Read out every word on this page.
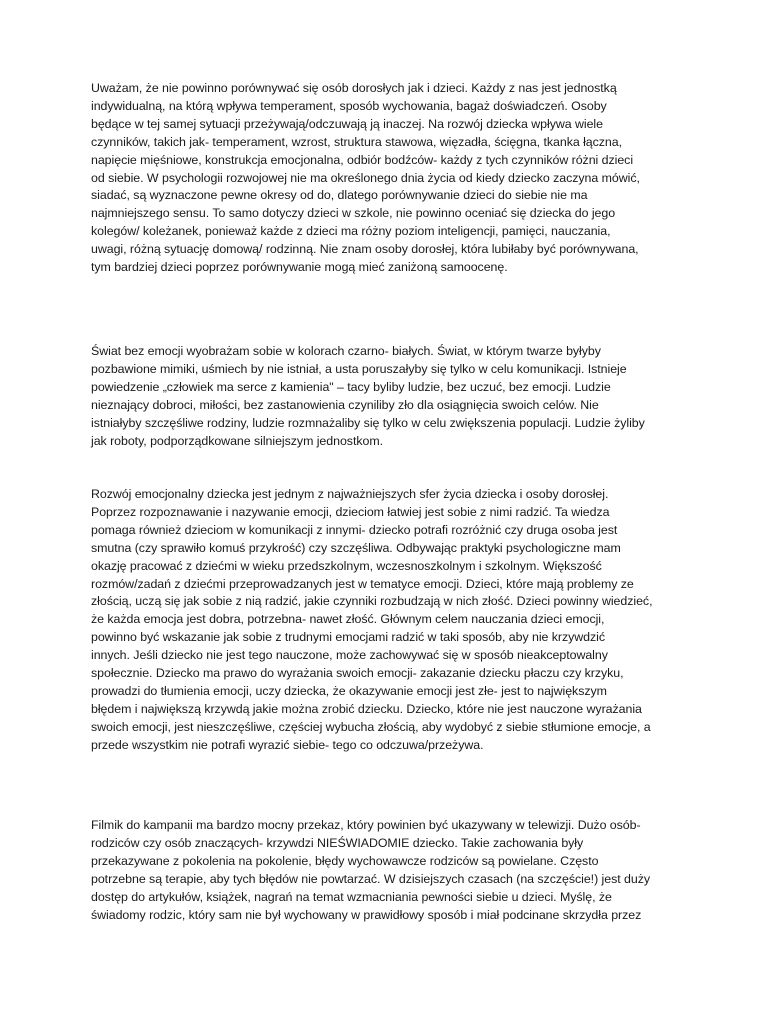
Uważam, że nie powinno porównywać się osób dorosłych jak i dzieci. Każdy z nas jest jednostką
indywidualną, na którą wpływa temperament, sposób wychowania, bagaż doświadczeń. Osoby
będące w tej samej sytuacji przeżywają/odczuwają ją inaczej. Na rozwój dziecka wpływa wiele
czynników, takich jak- temperament, wzrost, struktura stawowa, więzadła, ścięgna, tkanka łączna,
napięcie mięśniowe, konstrukcja emocjonalna, odbiór bodźców- każdy z tych czynników różni dzieci
od siebie. W psychologii rozwojowej nie ma określonego dnia życia od kiedy dziecko zaczyna mówić,
siadać, są wyznaczone pewne okresy od do, dlatego porównywanie dzieci do siebie nie ma
najmniejszego sensu. To samo dotyczy dzieci w szkole, nie powinno oceniać się dziecka do jego
kolegów/ koleżanek, ponieważ każde z dzieci ma różny poziom inteligencji, pamięci, nauczania,
uwagi, różną sytuację domową/ rodzinną. Nie znam osoby dorosłej, która lubiłaby być porównywana,
tym bardziej dzieci poprzez porównywanie mogą mieć zaniżoną samoocenę.

Świat bez emocji wyobrażam sobie w kolorach czarno- białych. Świat, w którym twarze byłyby
pozbawione mimiki, uśmiech by nie istniał, a usta poruszałyby się tylko w celu komunikacji. Istnieje
powiedzenie „człowiek ma serce z kamienia" – tacy byliby ludzie, bez uczuć, bez emocji. Ludzie
nieznający dobroci, miłości, bez zastanowienia czyniliby zło dla osiągnięcia swoich celów. Nie
istniałyby szczęśliwe rodziny, ludzie rozmnażaliby się tylko w celu zwiększenia populacji. Ludzie żyliby
jak roboty, podporządkowane silniejszym jednostkom.

Rozwój emocjonalny dziecka jest jednym z najważniejszych sfer życia dziecka i osoby dorosłej.
Poprzez rozpoznawanie i nazywanie emocji, dzieciom łatwiej jest sobie z nimi radzić. Ta wiedza
pomaga również dzieciom w komunikacji z innymi- dziecko potrafi rozróżnić czy druga osoba jest
smutna (czy sprawiło komuś przykrość) czy szczęśliwa. Odbywając praktyki psychologiczne mam
okazję pracować z dziećmi w wieku przedszkolnym, wczesnoszkolnym i szkolnym. Większość
rozmów/zadań z dziećmi przeprowadzanych jest w tematyce emocji. Dzieci, które mają problemy ze
złością, uczą się jak sobie z nią radzić, jakie czynniki rozbudzają w nich złość. Dzieci powinny wiedzieć,
że każda emocja jest dobra, potrzebna- nawet złość. Głównym celem nauczania dzieci emocji,
powinno być wskazanie jak sobie z trudnymi emocjami radzić w taki sposób, aby nie krzywdzić
innych. Jeśli dziecko nie jest tego nauczone, może zachowywać się w sposób nieakceptowalny
społecznie. Dziecko ma prawo do wyrażania swoich emocji- zakazanie dziecku płaczu czy krzyku,
prowadzi do tłumienia emocji, uczy dziecka, że okazywanie emocji jest złe- jest to największym
błędem i największą krzywdą jakie można zrobić dziecku. Dziecko, które nie jest nauczone wyrażania
swoich emocji, jest nieszczęśliwe, częściej wybucha złością, aby wydobyć z siebie stłumione emocje, a
przede wszystkim nie potrafi wyrazić siebie- tego co odczuwa/przeżywa.

Filmik do kampanii ma bardzo mocny przekaz, który powinien być ukazywany w telewizji. Dużo osób-
rodziców czy osób znaczących- krzywdzi NIEŚWIADOMIE dziecko. Takie zachowania były
przekazywane z pokolenia na pokolenie, błędy wychowawcze rodziców są powielane. Często
potrzebne są terapie, aby tych błędów nie powtarzać. W dzisiejszych czasach (na szczęście!) jest duży
dostęp do artykułów, książek, nagrań na temat wzmacniania pewności siebie u dzieci. Myślę, że
świadomy rodzic, który sam nie był wychowany w prawidłowy sposób i miał podcinane skrzydła przez
